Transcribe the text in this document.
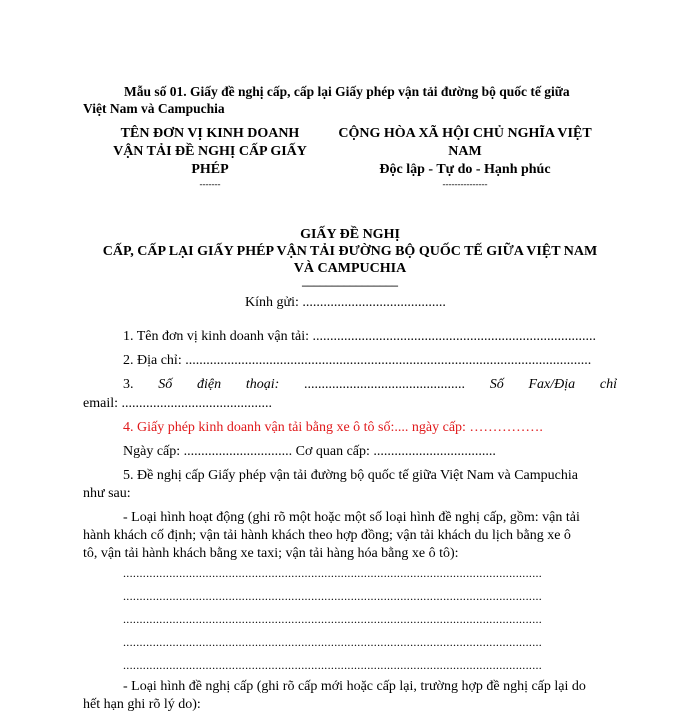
Mẫu số 01. Giấy đề nghị cấp, cấp lại Giấy phép vận tải đường bộ quốc tế giữa
Việt Nam và Campuchia
TÊN ĐƠN VỊ KINH DOANH
VẬN TẢI ĐỀ NGHỊ CẤP GIẤY
PHÉP
-------
CỘNG HÒA XÃ HỘI CHỦ NGHĨA VIỆT
NAM
Độc lập - Tự do - Hạnh phúc
---------------
GIẤY ĐỀ NGHỊ
CẤP, CẤP LẠI GIẤY PHÉP VẬN TẢI ĐƯỜNG BỘ QUỐC TẾ GIỮA VIỆT NAM
VÀ CAMPUCHIA
________________
Kính gửi: .........................................
1. Tên đơn vị kinh doanh vận tải: .................................................................................
2. Địa chỉ: ....................................................................................................................
3. Số điện thoại: .............................................. Số Fax/Địa chỉ
email: ...........................................
4. Giấy phép kinh doanh vận tải bằng xe ô tô số:.... ngày cấp: …………….
Ngày cấp: ............................... Cơ quan cấp: ...................................
5. Đề nghị cấp Giấy phép vận tải đường bộ quốc tế giữa Việt Nam và Campuchia
như sau:
- Loại hình hoạt động (ghi rõ một hoặc một số loại hình đề nghị cấp, gồm: vận tải
hành khách cố định; vận tải hành khách theo hợp đồng; vận tải khách du lịch bằng xe ô
tô, vận tải hành khách bằng xe taxi; vận tải hàng hóa bằng xe ô tô):
...............................................................................................................................
...............................................................................................................................
...............................................................................................................................
...............................................................................................................................
...............................................................................................................................
- Loại hình đề nghị cấp (ghi rõ cấp mới hoặc cấp lại, trường hợp đề nghị cấp lại do
hết hạn ghi rõ lý do):
